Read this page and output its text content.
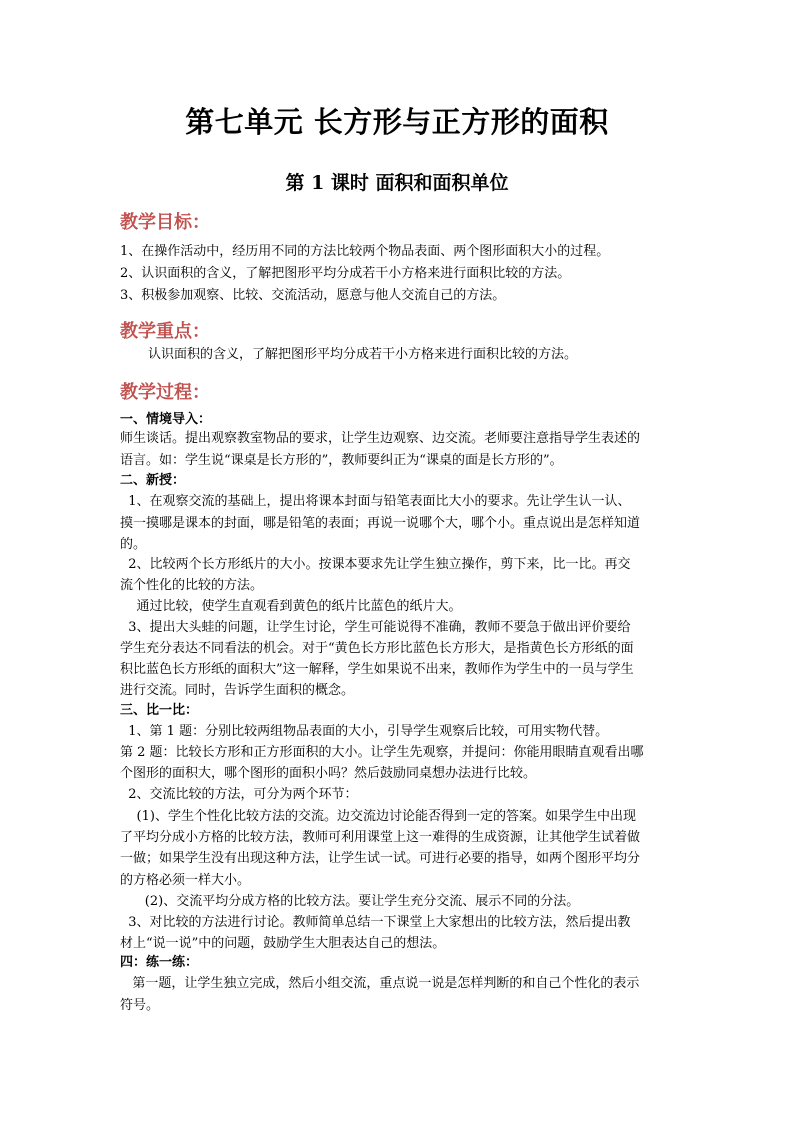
第七单元 长方形与正方形的面积
第 1 课时 面积和面积单位
教学目标：
1、在操作活动中，经历用不同的方法比较两个物品表面、两个图形面积大小的过程。
2、认识面积的含义，了解把图形平均分成若干小方格来进行面积比较的方法。
3、积极参加观察、比较、交流活动，愿意与他人交流自己的方法。
教学重点：
认识面积的含义，了解把图形平均分成若干小方格来进行面积比较的方法。
教学过程：
一、情境导入：
师生谈话。提出观察教室物品的要求，让学生边观察、边交流。老师要注意指导学生表述的
语言。如：学生说“课桌是长方形的”，教师要纠正为“课桌的面是长方形的”。
二、新授：
1、在观察交流的基础上，提出将课本封面与铅笔表面比大小的要求。先让学生认一认、
摸一摸哪是课本的封面，哪是铅笔的表面；再说一说哪个大，哪个小。重点说出是怎样知道
的。
2、比较两个长方形纸片的大小。按课本要求先让学生独立操作，剪下来，比一比。再交
流个性化的比较的方法。
通过比较，使学生直观看到黄色的纸片比蓝色的纸片大。
3、提出大头蛙的问题，让学生讨论，学生可能说得不准确，教师不要急于做出评价要给
学生充分表达不同看法的机会。对于“黄色长方形比蓝色长方形大，是指黄色长方形纸的面
积比蓝色长方形纸的面积大”这一解释，学生如果说不出来，教师作为学生中的一员与学生
进行交流。同时，告诉学生面积的概念。
三、比一比：
1、第 1 题：分别比较两组物品表面的大小，引导学生观察后比较，可用实物代替。
第 2 题：比较长方形和正方形面积的大小。让学生先观察，并提问：你能用眼睛直观看出哪
个图形的面积大，哪个图形的面积小吗？然后鼓励同桌想办法进行比较。
2、交流比较的方法，可分为两个环节：
(1)、学生个性化比较方法的交流。边交流边讨论能否得到一定的答案。如果学生中出现
了平均分成小方格的比较方法，教师可利用课堂上这一难得的生成资源，让其他学生试着做
一做；如果学生没有出现这种方法，让学生试一试。可进行必要的指导，如两个图形平均分
的方格必须一样大小。
(2)、交流平均分成方格的比较方法。要让学生充分交流、展示不同的分法。
3、对比较的方法进行讨论。教师简单总结一下课堂上大家想出的比较方法，然后提出教
材上“说一说”中的问题，鼓励学生大胆表达自己的想法。
四：练一练：
第一题，让学生独立完成，然后小组交流，重点说一说是怎样判断的和自己个性化的表示
符号。
